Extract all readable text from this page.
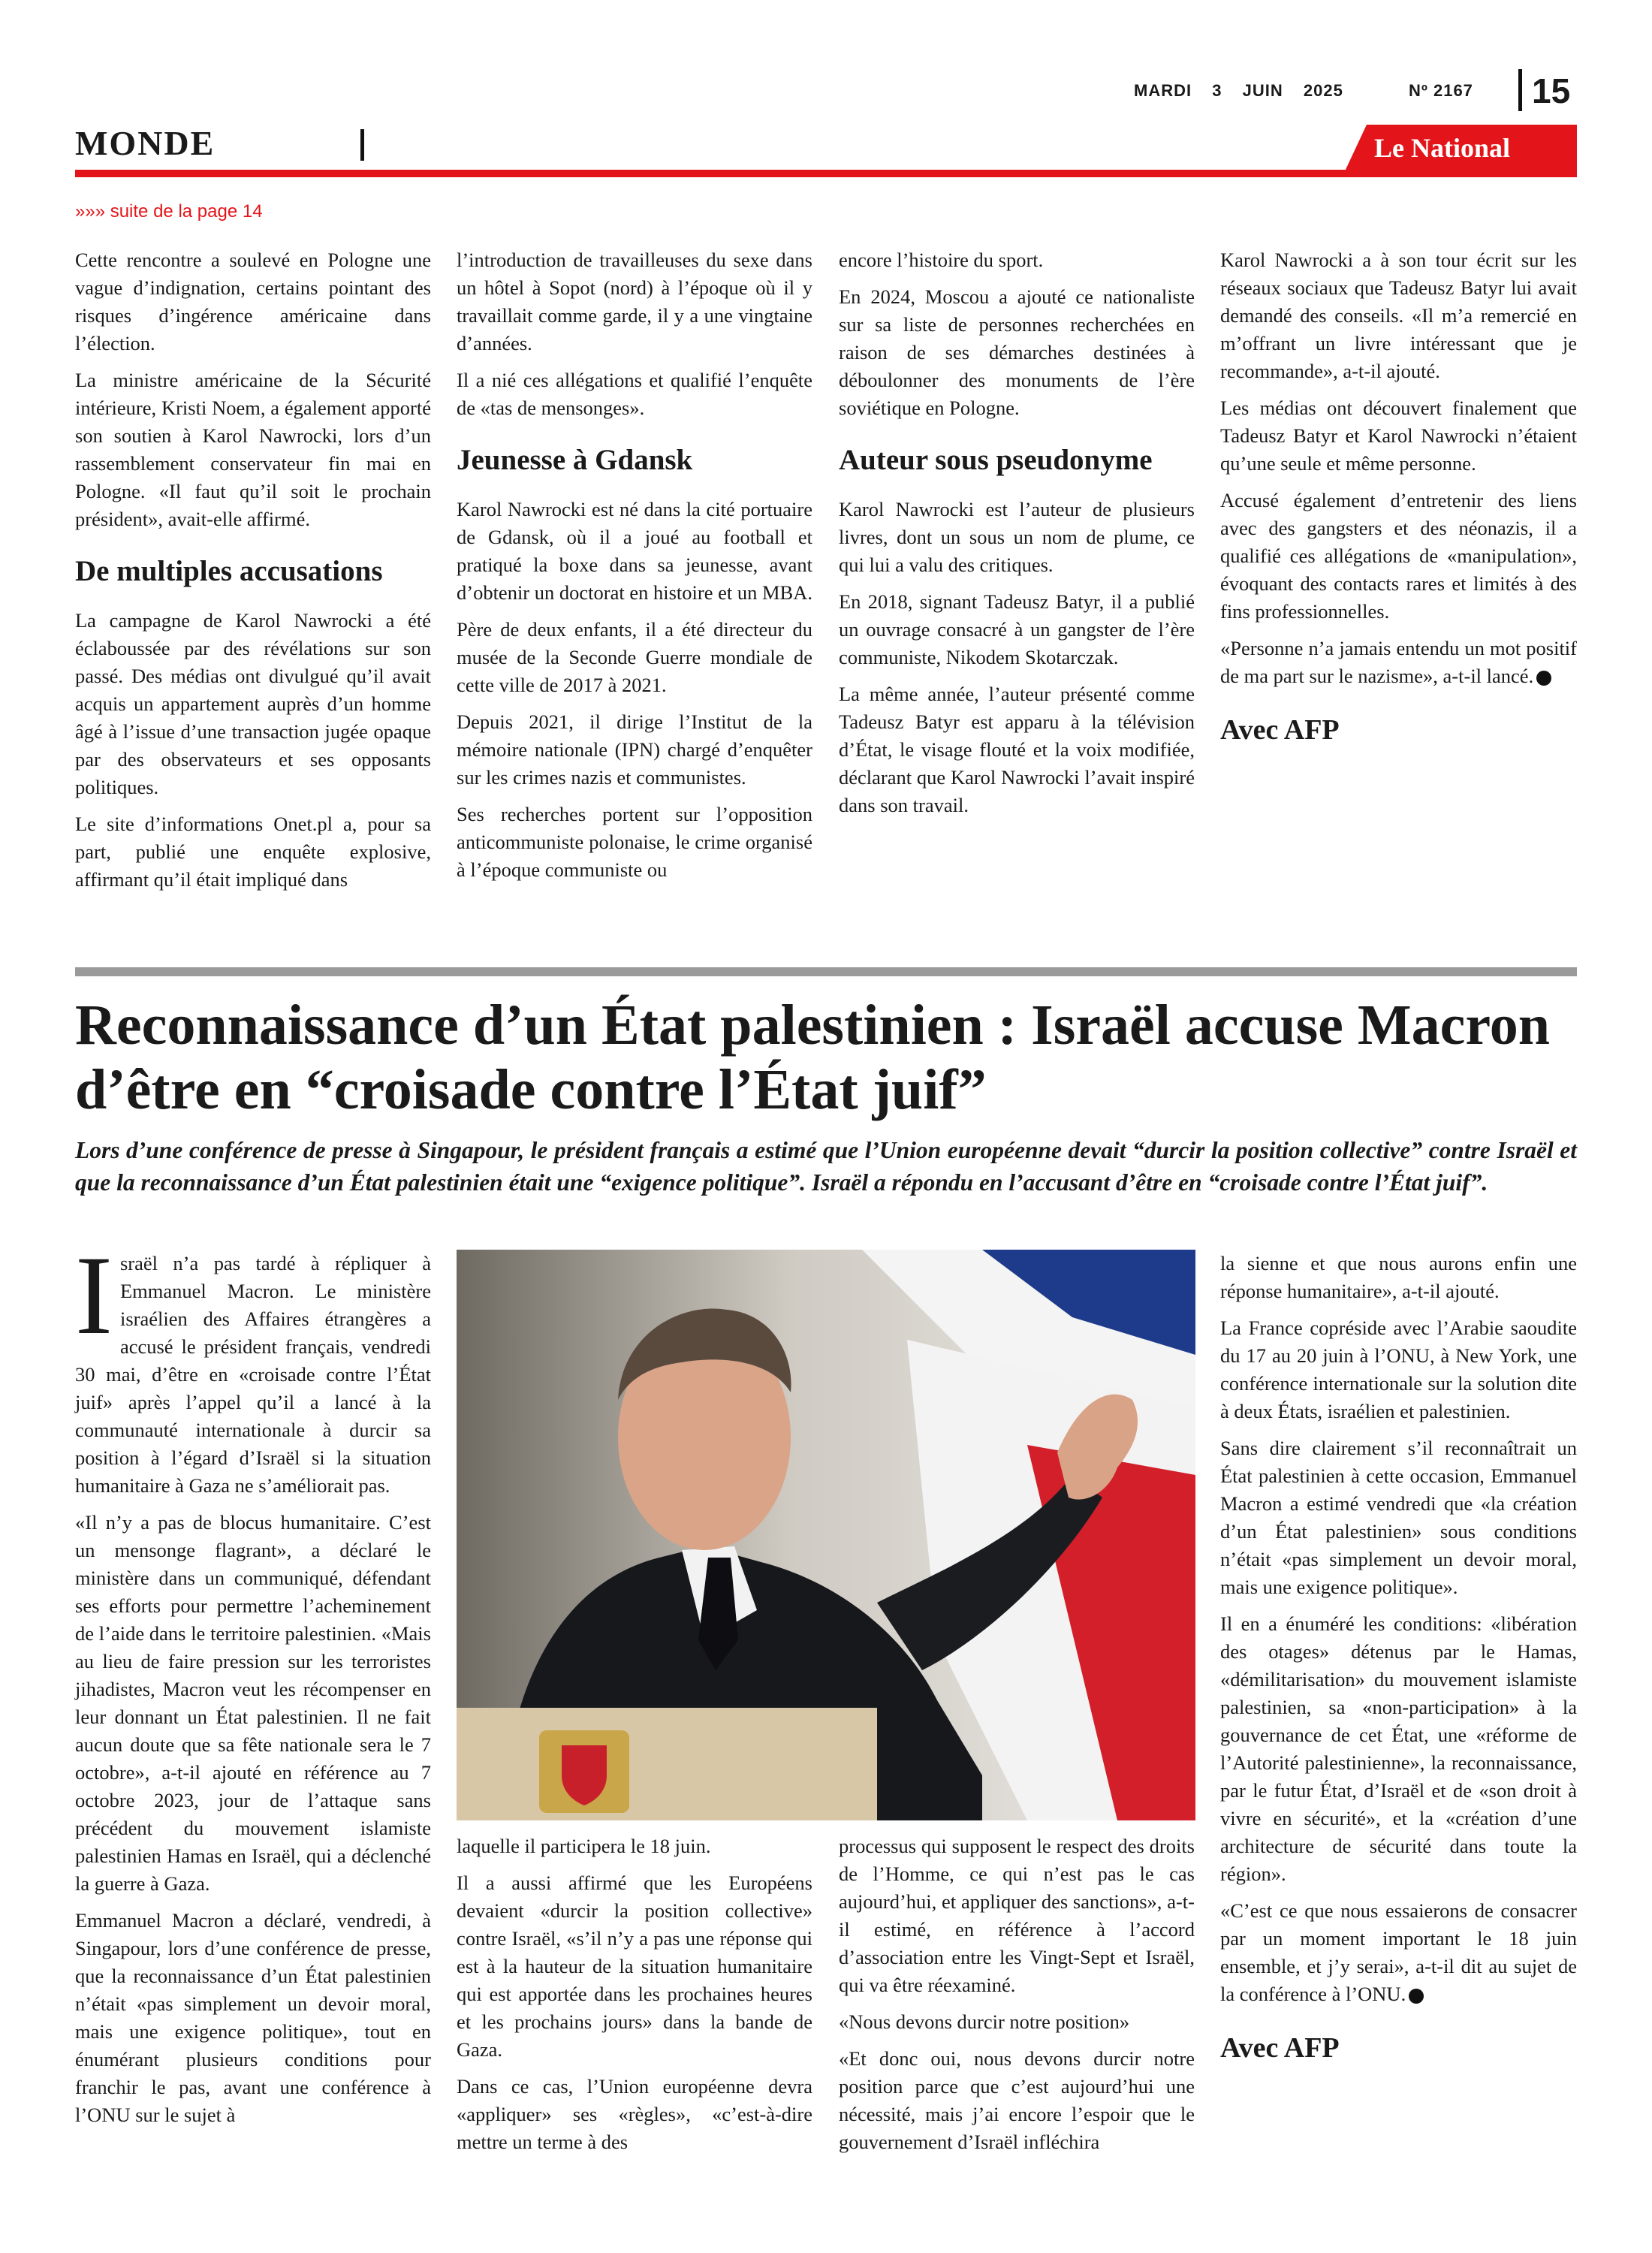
MARDI 3 JUIN 2025	Nº 2167	15
MONDE	Le National
»»» suite de la page 14

Cette rencontre a soulevé en Pologne une vague d’indignation, certains pointant des risques d’ingérence américaine dans l’élection.

La ministre américaine de la Sécurité intérieure, Kristi Noem, a également apporté son soutien à Karol Nawrocki, lors d’un rassemblement conservateur fin mai en Pologne. «Il faut qu’il soit le prochain président», avait-elle affirmé.

De multiples accusations

La campagne de Karol Nawrocki a été éclaboussée par des révélations sur son passé. Des médias ont divulgué qu’il avait acquis un appartement auprès d’un homme âgé à l’issue d’une transaction jugée opaque par des observateurs et ses opposants politiques.

Le site d’informations Onet.pl a, pour sa part, publié une enquête explosive, affirmant qu’il était impliqué dans

l’introduction de travailleuses du sexe dans un hôtel à Sopot (nord) à l’époque où il y travaillait comme garde, il y a une vingtaine d’années.

Il a nié ces allégations et qualifié l’enquête de «tas de mensonges».

Jeunesse à Gdansk

Karol Nawrocki est né dans la cité portuaire de Gdansk, où il a joué au football et pratiqué la boxe dans sa jeunesse, avant d’obtenir un doctorat en histoire et un MBA.

Père de deux enfants, il a été directeur du musée de la Seconde Guerre mondiale de cette ville de 2017 à 2021.

Depuis 2021, il dirige l’Institut de la mémoire nationale (IPN) chargé d’enquêter sur les crimes nazis et communistes.

Ses recherches portent sur l’opposition anticommuniste polonaise, le crime organisé à l’époque communiste ou

encore l’histoire du sport.

En 2024, Moscou a ajouté ce nationaliste sur sa liste de personnes recherchées en raison de ses démarches destinées à déboulonner des monuments de l’ère soviétique en Pologne.

Auteur sous pseudonyme

Karol Nawrocki est l’auteur de plusieurs livres, dont un sous un nom de plume, ce qui lui a valu des critiques.

En 2018, signant Tadeusz Batyr, il a publié un ouvrage consacré à un gangster de l’ère communiste, Nikodem Skotarczak.

La même année, l’auteur présenté comme Tadeusz Batyr est apparu à la télévision d’État, le visage flouté et la voix modifiée, déclarant que Karol Nawrocki l’avait inspiré dans son travail.

Karol Nawrocki a à son tour écrit sur les réseaux sociaux que Tadeusz Batyr lui avait demandé des conseils. «Il m’a remercié en m’offrant un livre intéressant que je recommande», a-t-il ajouté.

Les médias ont découvert finalement que Tadeusz Batyr et Karol Nawrocki n’étaient qu’une seule et même personne.

Accusé également d’entretenir des liens avec des gangsters et des néonazis, il a qualifié ces allégations de «manipulation», évoquant des contacts rares et limités à des fins professionnelles.

«Personne n’a jamais entendu un mot positif de ma part sur le nazisme», a-t-il lancé.

Avec AFP
Reconnaissance d’un État palestinien : Israël accuse Macron d’être en “croisade contre l’État juif”
Lors d’une conférence de presse à Singapour, le président français a estimé que l’Union européenne devait “durcir la position collective” contre Israël et que la reconnaissance d’un État palestinien était une “exigence politique”. Israël a répondu en l’accusant d’être en “croisade contre l’État juif”.

Israël n’a pas tardé à répliquer à Emmanuel Macron. Le ministère israélien des Affaires étrangères a accusé le président français, vendredi 30 mai, d’être en «croisade contre l’État juif» après l’appel qu’il a lancé à la communauté internationale à durcir sa position à l’égard d’Israël si la situation humanitaire à Gaza ne s’améliorait pas.

«Il n’y a pas de blocus humanitaire. C’est un mensonge flagrant», a déclaré le ministère dans un communiqué, défendant ses efforts pour permettre l’acheminement de l’aide dans le territoire palestinien. «Mais au lieu de faire pression sur les terroristes jihadistes, Macron veut les récompenser en leur donnant un État palestinien. Il ne fait aucun doute que sa fête nationale sera le 7 octobre», a-t-il ajouté en référence au 7 octobre 2023, jour de l’attaque sans précédent du mouvement islamiste palestinien Hamas en Israël, qui a déclenché la guerre à Gaza.

Emmanuel Macron a déclaré, vendredi, à Singapour, lors d’une conférence de presse, que la reconnaissance d’un État palestinien n’était «pas simplement un devoir moral, mais une exigence politique», tout en énumérant plusieurs conditions pour franchir le pas, avant une conférence à l’ONU sur le sujet à

laquelle il participera le 18 juin.

Il a aussi affirmé que les Européens devaient «durcir la position collective» contre Israël, «s’il n’y a pas une réponse qui est à la hauteur de la situation humanitaire qui est apportée dans les prochaines heures et les prochains jours» dans la bande de Gaza.

Dans ce cas, l’Union européenne devra «appliquer» ses «règles», «c’est-à-dire mettre un terme à des

processus qui supposent le respect des droits de l’Homme, ce qui n’est pas le cas aujourd’hui, et appliquer des sanctions», a-t-il estimé, en référence à l’accord d’association entre les Vingt-Sept et Israël, qui va être réexaminé.

«Nous devons durcir notre position»

«Et donc oui, nous devons durcir notre position parce que c’est aujourd’hui une nécessité, mais j’ai encore l’espoir que le gouvernement d’Israël infléchira

la sienne et que nous aurons enfin une réponse humanitaire», a-t-il ajouté.

La France copréside avec l’Arabie saoudite du 17 au 20 juin à l’ONU, à New York, une conférence internationale sur la solution dite à deux États, israélien et palestinien.

Sans dire clairement s’il reconnaîtrait un État palestinien à cette occasion, Emmanuel Macron a estimé vendredi que «la création d’un État palestinien» sous conditions n’était «pas simplement un devoir moral, mais une exigence politique».

Il en a énuméré les conditions: «libération des otages» détenus par le Hamas, «démilitarisation» du mouvement islamiste palestinien, sa «non-participation» à la gouvernance de cet État, une «réforme de l’Autorité palestinienne», la reconnaissance, par le futur État, d’Israël et de «son droit à vivre en sécurité», et la «création d’une architecture de sécurité dans toute la région».

«C’est ce que nous essaierons de consacrer par un moment important le 18 juin ensemble, et j’y serai», a-t-il dit au sujet de la conférence à l’ONU.

Avec AFP
